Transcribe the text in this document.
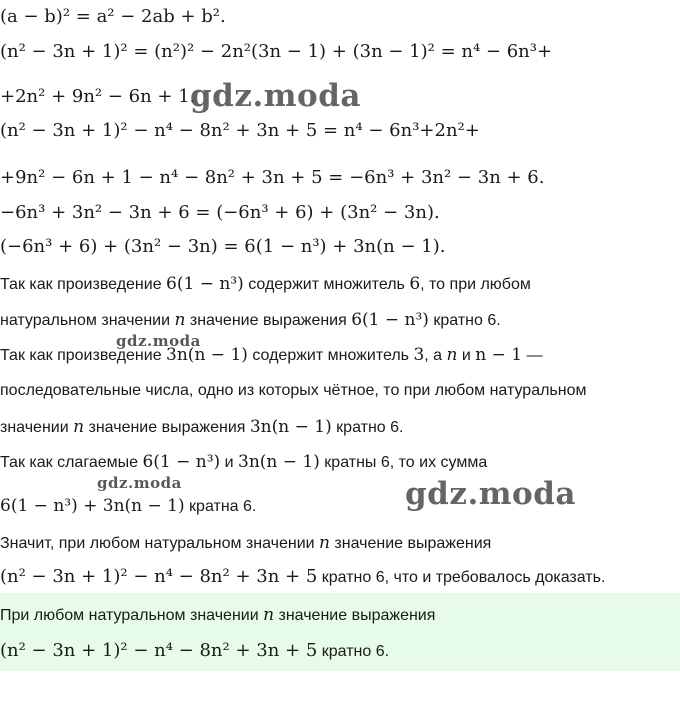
(a − b)² = a² − 2ab + b².
(n² − 3n + 1)² = (n²)² − 2n²(3n − 1) + (3n − 1)² = n⁴ − 6n³+
+2n² + 9n² − 6n + 1.
(n² − 3n + 1)² − n⁴ − 8n² + 3n + 5 = n⁴ − 6n³+2n²+
+9n² − 6n + 1 − n⁴ − 8n² + 3n + 5 = −6n³ + 3n² − 3n + 6.
−6n³ + 3n² − 3n + 6 = (−6n³ + 6) + (3n² − 3n).
(−6n³ + 6) + (3n² − 3n) = 6(1 − n³) + 3n(n − 1).
Так как произведение 6(1 − n³) содержит множитель 6, то при любом
натуральном значении n значение выражения 6(1 − n³) кратно 6.
Так как произведение 3n(n − 1) содержит множитель 3, а n и n − 1 —
последовательные числа, одно из которых чётное, то при любом натуральном
значении n значение выражения 3n(n − 1) кратно 6.
Так как слагаемые 6(1 − n³) и 3n(n − 1) кратны 6, то их сумма
6(1 − n³) + 3n(n − 1) кратна 6.
Значит, при любом натуральном значении n значение выражения
(n² − 3n + 1)² − n⁴ − 8n² + 3n + 5 кратно 6, что и требовалось доказать.
При любом натуральном значении n значение выражения
(n² − 3n + 1)² − n⁴ − 8n² + 3n + 5 кратно 6.
gdz.moda
gdz.moda
gdz.moda	gdz.moda
